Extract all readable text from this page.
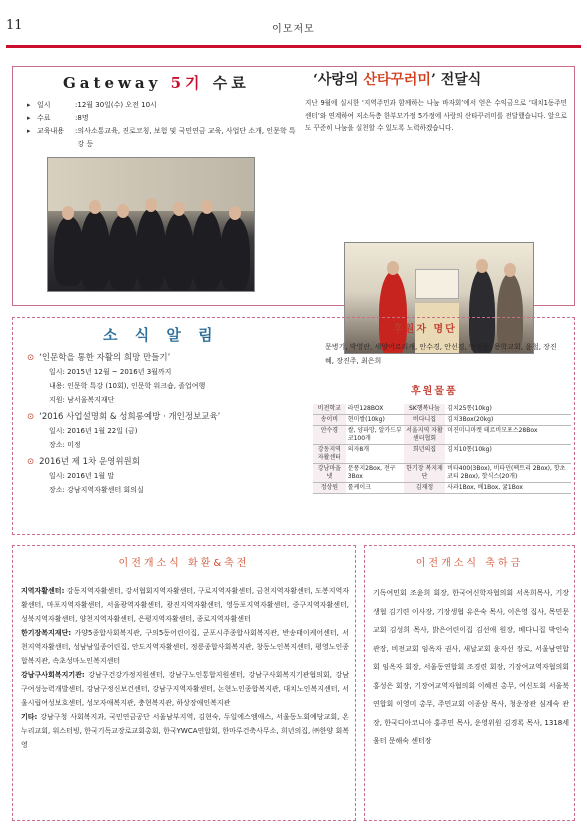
11	이모저모
Gateway 5기 수료
▸ 일시	: 12월 30일(수) 오전 10시
▸ 수료	: 8명
▸ 교육내용	: 의사소통교육, 진로코칭, 보험 및 국민연금 교육, 사업단 소개, 인문학 특강 등
‘사랑의 산타꾸러미’ 전달식
지난 9월에 실시한 ‘지역주민과 함께하는 나눔 바자회’에서 얻은 수익금으로 ‘대치1동주민센터’와 연계하여 저소득층 한부모가정 5가정에 사랑의 산타꾸러미를 전달했습니다. 앞으로도 꾸준히 나눔을 실천할 수 있도록 노력하겠습니다.
소 식 알 림
⊙ ‘인문학을 통한 자활의 희망 만들기’
일시: 2015년 12월 ~ 2016년 3월까지
내용: 인문학 특강 (10회), 인문학 워크숍, 졸업여행
지원: 남서울복지재단
⊙ ‘2016 사업설명회 & 성희롱예방 · 개인정보교육’
일시: 2016년 1월 22일 (금)
장소: 미정
⊙ 2016년 제 1차 운영위원회
일시: 2016년 1월 말
장소: 강남지역자활센터 회의실
후원자 명단
문병기, 박영란, 세양어르리캐, 안수경, 안선경, 안진용, 용학교회, 윤철, 장진혜, 장진주, 최은희
후원물품
비전학교	라면128BOX	SK행복나눔	김치25통(10kg)
송이비	현미쌀(10kg)	비다니집	김치3Box(20kg)
안수경	쌀, 양파망, 알카드부코100개	서울지역 자활센터협회	미진미니마켓 테르비모포스28Box
강동지역자활센터	의자8개	희년의집	김치10통(10kg)
강남마을넷	문풍지2Box, 전구3Box	한기장 복지재단	비타400(3Box), 비타민(팩트리 2Box), 핫초코티 2Box), 핫식스(20개)
정상원	롤케이크	김재정	사과1Box, 배1Box, 귤1Box
이전개소식 화환&축전
지역자활센터: 강동지역자활센터, 강서협회지역자활센터, 구로지역자활센터, 금천지역자활센터, 도봉지역자활센터, 마포지역자활센터, 서울광역자활센터, 광진지역자활센터, 영등포지역자활센터, 중구지역자활센터, 성북지역자활센터, 양천지역자활센터, 은평지역자활센터, 종로지역자활센터
한기장복지재단: 가양5종합사회복지관, 구의5동어린이집, 군포시주종합사회복지관, 반송태이케어센터, 서천지역자활센터, 성남남일종어린집, 안도지역자활센터, 정릉종합사회복지관, 창동노인복지센터, 평영노인종합복지관, 속초성마노인복지센터
강남구사회복지기관: 강남구건강가정지원센터, 강남구노인통합지원센터, 강남구사회복지기관협의회, 강남구여성능력개발센터, 강남구정신보건센터, 강남구지역자활센터, 논현노인종합복지관, 대치노인복지센터, 서울시립여성보호센터, 성모자애복지관, 충현복지관, 하상장애인복지관
기타: 강남구청 사회복지과, 국민연금공단 서울남부지역, 김현숙, 두일에스엠애스, 서울동노회예당교회, 온누리교회, 워스터빙, 한국기독교장로교회총회, 한국YWCA연합회, 한마루건축사무소, 희년의집, ㈜한양 회복영
이전개소식 축하금
기독여민회 조윤희 회장, 한국여신학자협의회 서옥희목사, 기장생협 김기련 이사장, 기장생협 유은숙 목사, 이은영 집사, 목민문교회 김성희 목사, 밝은어린이집 김선애 원장, 베다니집 박인숙 관장, 비전교회 임옥자 권사, 새날교회 윤자선 장로, 서울남연합회 임옥자 회장, 서울동연합회 조경련 회장, 기장여교역자협의회 홍성은 회장, 기장여교역자협의회 이혜진 총무, 여신도회 서울북연합회 이영미 총무, 주민교회 이종삼 목사, 청운장관 심계숙 관장, 한국디아코니아 홍주민 목사, 운영위원 김경록 목사, 1318세움터 문해숙 센터장
